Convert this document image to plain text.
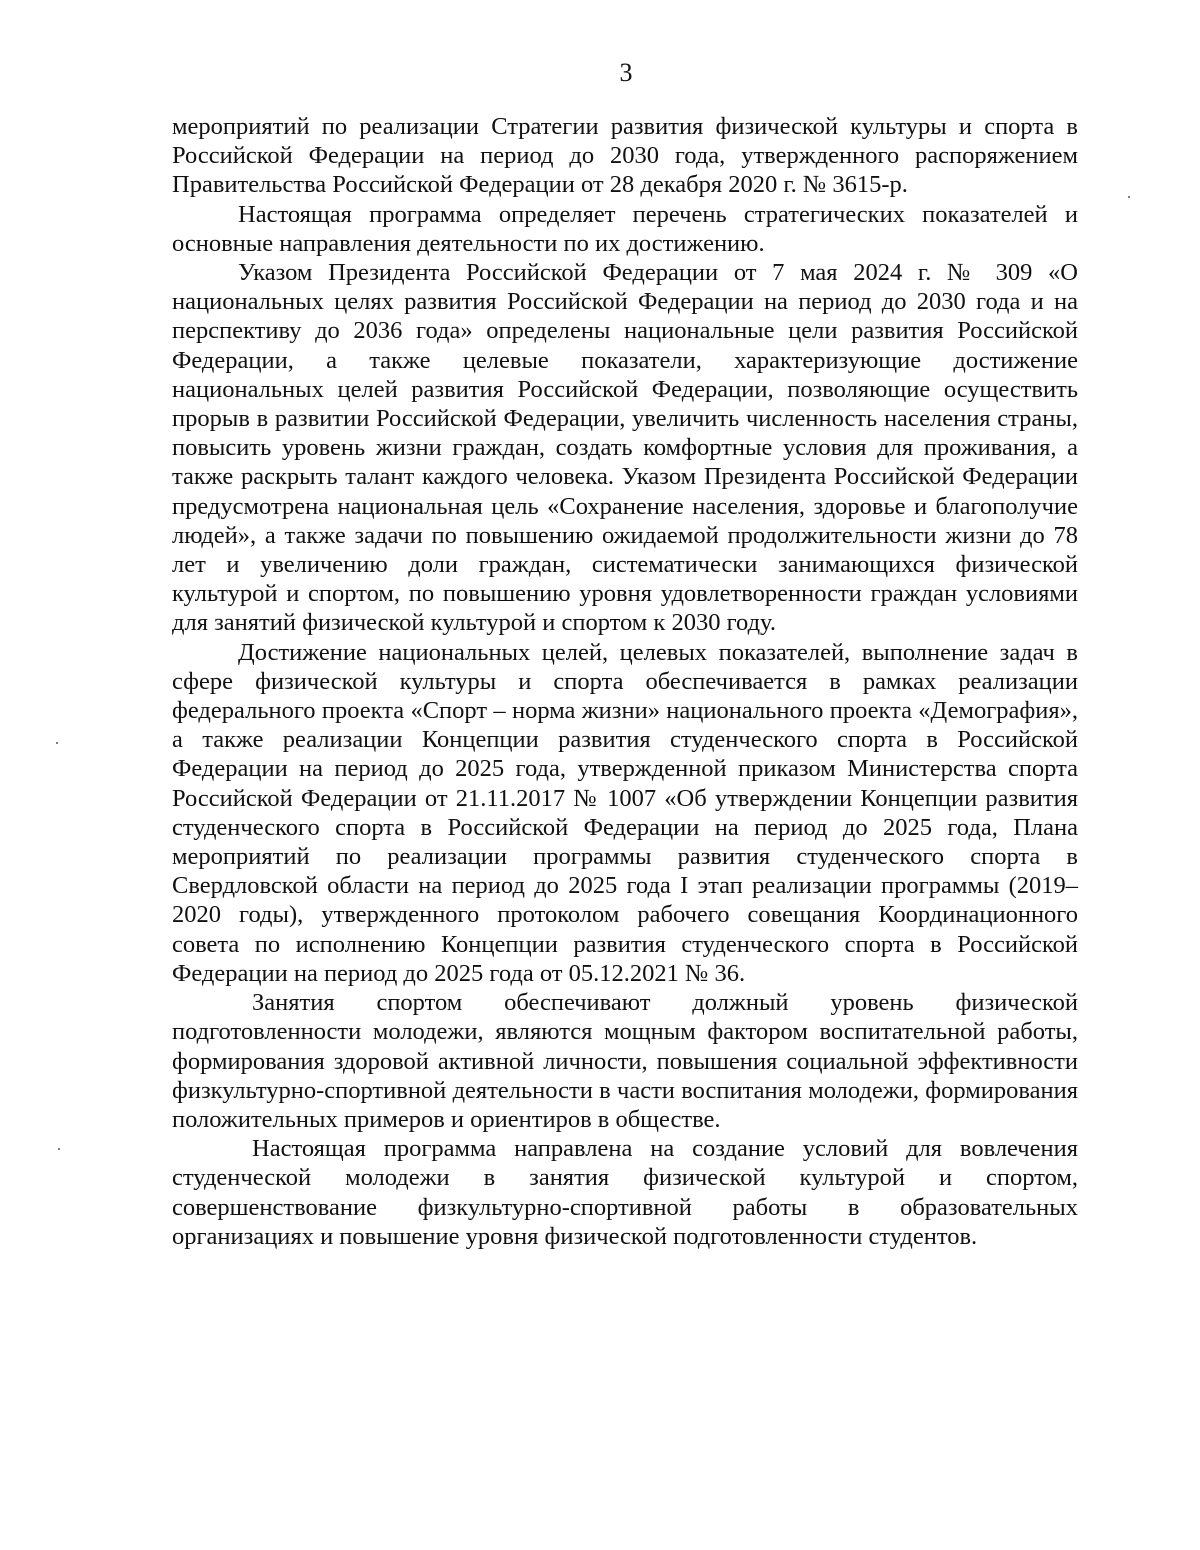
3

мероприятий по реализации Стратегии развития физической культуры и спорта в Российской Федерации на период до 2030 года, утвержденного распоряжением Правительства Российской Федерации от 28 декабря 2020 г. № 3615-р.

Настоящая программа определяет перечень стратегических показателей и основные направления деятельности по их достижению.

Указом Президента Российской Федерации от 7 мая 2024 г. № 309 «О национальных целях развития Российской Федерации на период до 2030 года и на перспективу до 2036 года» определены национальные цели развития Российской Федерации, а также целевые показатели, характеризующие достижение национальных целей развития Российской Федерации, позволяющие осуществить прорыв в развитии Российской Федерации, увеличить численность населения страны, повысить уровень жизни граждан, создать комфортные условия для проживания, а также раскрыть талант каждого человека. Указом Президента Российской Федерации предусмотрена национальная цель «Сохранение населения, здоровье и благополучие людей», а также задачи по повышению ожидаемой продолжительности жизни до 78 лет и увеличению доли граждан, систематически занимающихся физической культурой и спортом, по повышению уровня удовлетворенности граждан условиями для занятий физической культурой и спортом к 2030 году.

Достижение национальных целей, целевых показателей, выполнение задач в сфере физической культуры и спорта обеспечивается в рамках реализации федерального проекта «Спорт – норма жизни» национального проекта «Демография», а также реализации Концепции развития студенческого спорта в Российской Федерации на период до 2025 года, утвержденной приказом Министерства спорта Российской Федерации от 21.11.2017 № 1007 «Об утверждении Концепции развития студенческого спорта в Российской Федерации на период до 2025 года, Плана мероприятий по реализации программы развития студенческого спорта в Свердловской области на период до 2025 года I этап реализации программы (2019–2020 годы), утвержденного протоколом рабочего совещания Координационного совета по исполнению Концепции развития студенческого спорта в Российской Федерации на период до 2025 года от 05.12.2021 № 36.

Занятия спортом обеспечивают должный уровень физической подготовленности молодежи, являются мощным фактором воспитательной работы, формирования здоровой активной личности, повышения социальной эффективности физкультурно-спортивной деятельности в части воспитания молодежи, формирования положительных примеров и ориентиров в обществе.

Настоящая программа направлена на создание условий для вовлечения студенческой молодежи в занятия физической культурой и спортом, совершенствование физкультурно-спортивной работы в образовательных организациях и повышение уровня физической подготовленности студентов.
